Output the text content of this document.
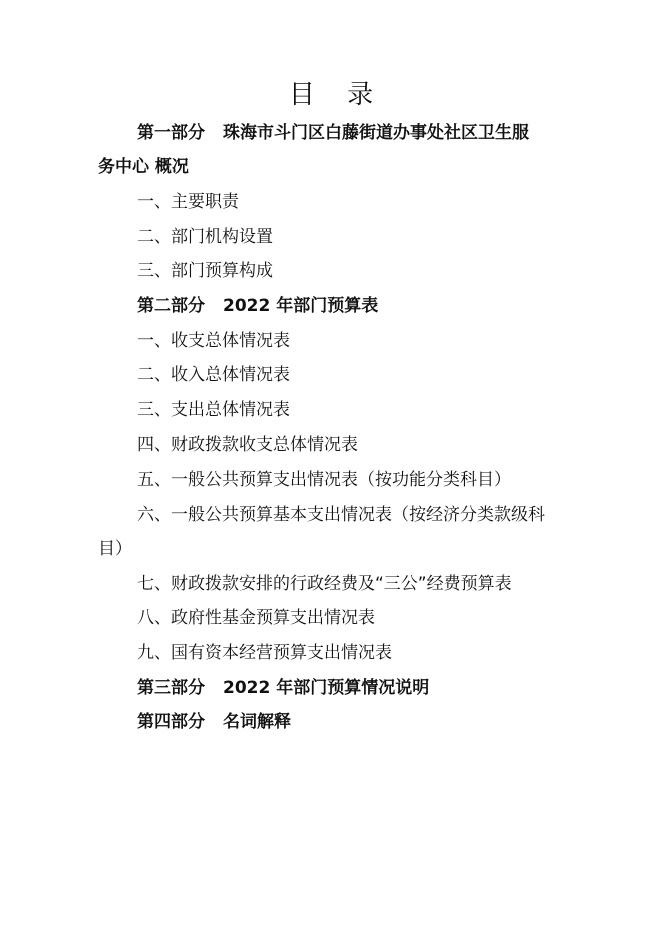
目 录
第一部分 珠海市斗门区白藤街道办事处社区卫生服
务中心 概况
一、主要职责
二、部门机构设置
三、部门预算构成
第二部分 2022 年部门预算表
一、收支总体情况表
二、收入总体情况表
三、支出总体情况表
四、财政拨款收支总体情况表
五、一般公共预算支出情况表（按功能分类科目）
六、一般公共预算基本支出情况表（按经济分类款级科
目）
七、财政拨款安排的行政经费及“三公”经费预算表
八、政府性基金预算支出情况表
九、国有资本经营预算支出情况表
第三部分 2022 年部门预算情况说明
第四部分 名词解释
